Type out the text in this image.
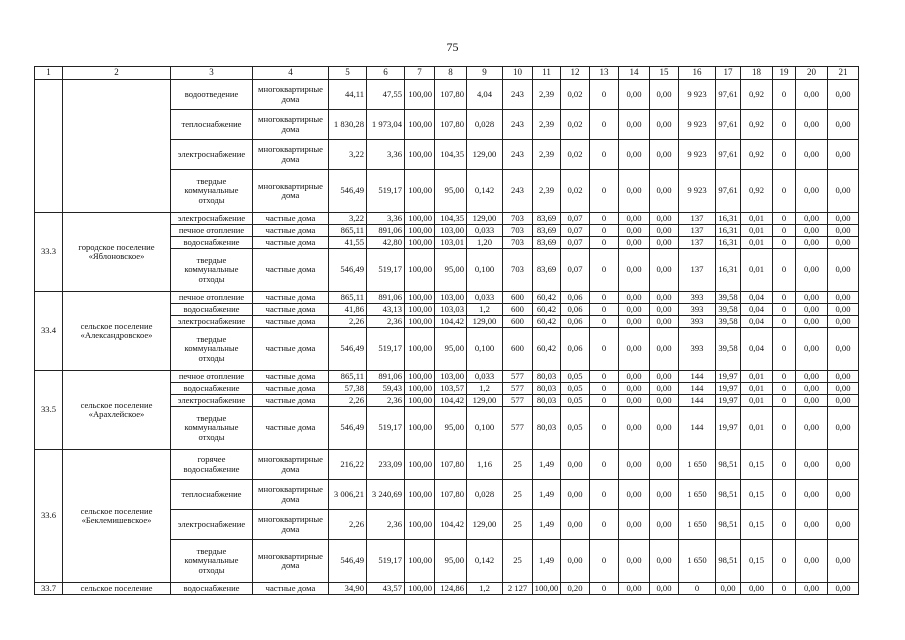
75
1	2	3	4	5	6	7	8	9	10	11	12	13	14	15	16	17	18	19	20	21
		водоотведение	многоквартирные дома	44,11	47,55	100,00	107,80	4,04	243	2,39	0,02	0	0,00	0,00	9 923	97,61	0,92	0	0,00	0,00
		теплоснабжение	многоквартирные дома	1 830,28	1 973,04	100,00	107,80	0,028	243	2,39	0,02	0	0,00	0,00	9 923	97,61	0,92	0	0,00	0,00
		электроснабжение	многоквартирные дома	3,22	3,36	100,00	104,35	129,00	243	2,39	0,02	0	0,00	0,00	9 923	97,61	0,92	0	0,00	0,00
		твердые коммунальные отходы	многоквартирные дома	546,49	519,17	100,00	95,00	0,142	243	2,39	0,02	0	0,00	0,00	9 923	97,61	0,92	0	0,00	0,00
33.3	городское поселение «Яблоновское»	электроснабжение	частные дома	3,22	3,36	100,00	104,35	129,00	703	83,69	0,07	0	0,00	0,00	137	16,31	0,01	0	0,00	0,00
		печное отопление	частные дома	865,11	891,06	100,00	103,00	0,033	703	83,69	0,07	0	0,00	0,00	137	16,31	0,01	0	0,00	0,00
		водоснабжение	частные дома	41,55	42,80	100,00	103,01	1,20	703	83,69	0,07	0	0,00	0,00	137	16,31	0,01	0	0,00	0,00
		твердые коммунальные отходы	частные дома	546,49	519,17	100,00	95,00	0,100	703	83,69	0,07	0	0,00	0,00	137	16,31	0,01	0	0,00	0,00
33.4	сельское поселение «Александровское»	печное отопление	частные дома	865,11	891,06	100,00	103,00	0,033	600	60,42	0,06	0	0,00	0,00	393	39,58	0,04	0	0,00	0,00
		водоснабжение	частные дома	41,86	43,13	100,00	103,03	1,2	600	60,42	0,06	0	0,00	0,00	393	39,58	0,04	0	0,00	0,00
		электроснабжение	частные дома	2,26	2,36	100,00	104,42	129,00	600	60,42	0,06	0	0,00	0,00	393	39,58	0,04	0	0,00	0,00
		твердые коммунальные отходы	частные дома	546,49	519,17	100,00	95,00	0,100	600	60,42	0,06	0	0,00	0,00	393	39,58	0,04	0	0,00	0,00
33.5	сельское поселение «Арахлейское»	печное отопление	частные дома	865,11	891,06	100,00	103,00	0,033	577	80,03	0,05	0	0,00	0,00	144	19,97	0,01	0	0,00	0,00
		водоснабжение	частные дома	57,38	59,43	100,00	103,57	1,2	577	80,03	0,05	0	0,00	0,00	144	19,97	0,01	0	0,00	0,00
		электроснабжение	частные дома	2,26	2,36	100,00	104,42	129,00	577	80,03	0,05	0	0,00	0,00	144	19,97	0,01	0	0,00	0,00
		твердые коммунальные отходы	частные дома	546,49	519,17	100,00	95,00	0,100	577	80,03	0,05	0	0,00	0,00	144	19,97	0,01	0	0,00	0,00
33.6	сельское поселение «Беклемишевское»	горячее водоснабжение	многоквартирные дома	216,22	233,09	100,00	107,80	1,16	25	1,49	0,00	0	0,00	0,00	1 650	98,51	0,15	0	0,00	0,00
		теплоснабжение	многоквартирные дома	3 006,21	3 240,69	100,00	107,80	0,028	25	1,49	0,00	0	0,00	0,00	1 650	98,51	0,15	0	0,00	0,00
		электроснабжение	многоквартирные дома	2,26	2,36	100,00	104,42	129,00	25	1,49	0,00	0	0,00	0,00	1 650	98,51	0,15	0	0,00	0,00
		твердые коммунальные отходы	многоквартирные дома	546,49	519,17	100,00	95,00	0,142	25	1,49	0,00	0	0,00	0,00	1 650	98,51	0,15	0	0,00	0,00
33.7	сельское поселение	водоснабжение	частные дома	34,90	43,57	100,00	124,86	1,2	2 127	100,00	0,20	0	0,00	0,00	0	0,00	0,00	0	0,00	0,00
